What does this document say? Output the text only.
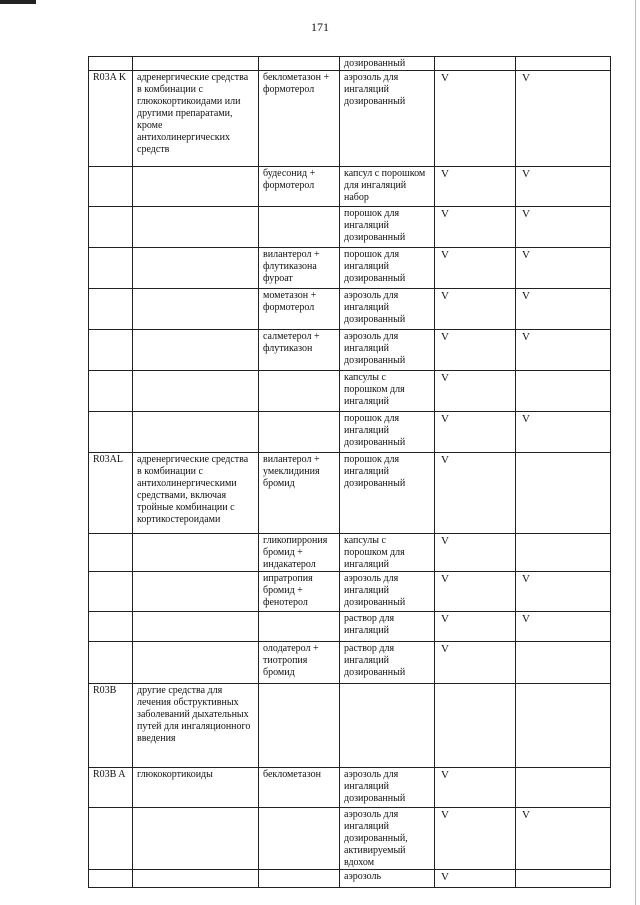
171
			дозированный		
R03A K	адренергические средства в комбинации с глюкокортикоидами или другими препаратами, кроме антихолинергических средств	беклометазон + формотерол	аэрозоль для ингаляций дозированный	V	V
		будесонид + формотерол	капсул с порошком для ингаляций набор	V	V
			порошок для ингаляций дозированный	V	V
		вилантерол + флутиказона фуроат	порошок для ингаляций дозированный	V	V
		мометазон + формотерол	аэрозоль для ингаляций дозированный	V	V
		салметерол + флутиказон	аэрозоль для ингаляций дозированный	V	V
			капсулы с порошком для ингаляций	V	
			порошок для ингаляций дозированный	V	V
R03AL	адренергические средства в комбинации с антихолинергическими средствами, включая тройные комбинации с кортикостероидами	вилантерол + умеклидиния бромид	порошок для ингаляций дозированный	V	
		гликопиррония бромид + индакатерол	капсулы с порошком для ингаляций	V	
		ипратропия бромид + фенотерол	аэрозоль для ингаляций дозированный	V	V
			раствор для ингаляций	V	V
		олодатерол + тиотропия бромид	раствор для ингаляций дозированный	V	
R03B	другие средства для лечения обструктивных заболеваний дыхательных путей для ингаляционного введения				
R03B A	глюкокортикоиды	беклометазон	аэрозоль для ингаляций дозированный	V	
			аэрозоль для ингаляций дозированный, активируемый вдохом	V	V
			аэрозоль	V	
